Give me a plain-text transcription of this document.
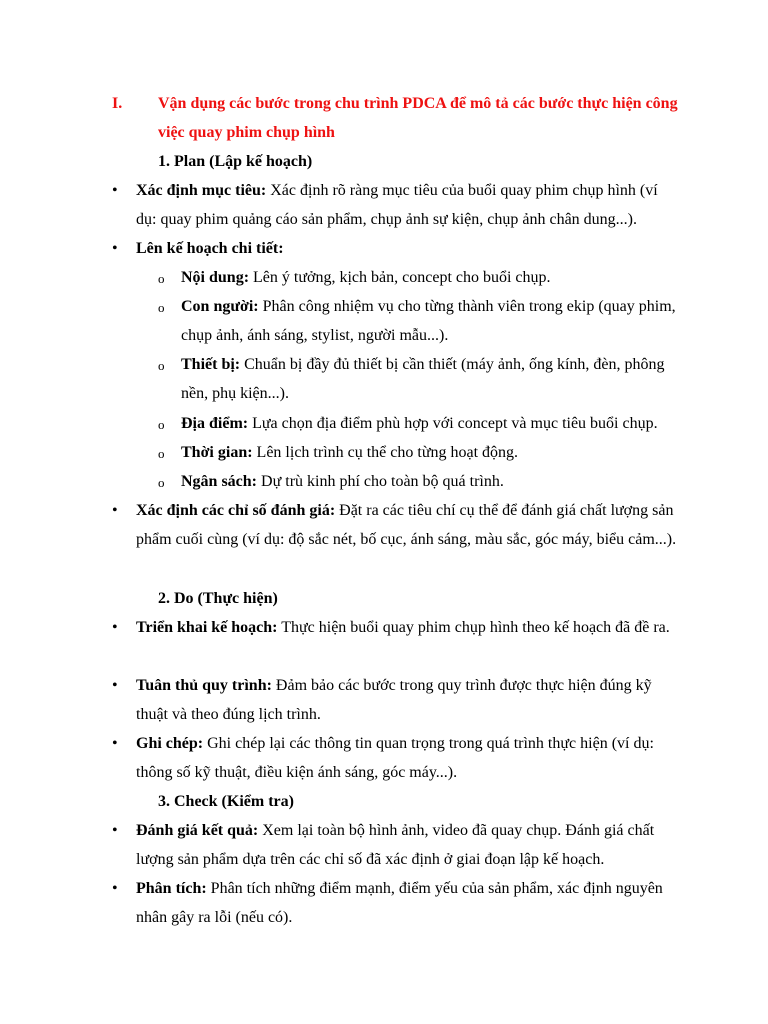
I. Vận dụng các bước trong chu trình PDCA để mô tả các bước thực hiện công việc quay phim chụp hình
1. Plan (Lập kế hoạch)
• Xác định mục tiêu: Xác định rõ ràng mục tiêu của buổi quay phim chụp hình (ví dụ: quay phim quảng cáo sản phẩm, chụp ảnh sự kiện, chụp ảnh chân dung...).
• Lên kế hoạch chi tiết:
o Nội dung: Lên ý tưởng, kịch bản, concept cho buổi chụp.
o Con người: Phân công nhiệm vụ cho từng thành viên trong ekip (quay phim, chụp ảnh, ánh sáng, stylist, người mẫu...).
o Thiết bị: Chuẩn bị đầy đủ thiết bị cần thiết (máy ảnh, ống kính, đèn, phông nền, phụ kiện...).
o Địa điểm: Lựa chọn địa điểm phù hợp với concept và mục tiêu buổi chụp.
o Thời gian: Lên lịch trình cụ thể cho từng hoạt động.
o Ngân sách: Dự trù kinh phí cho toàn bộ quá trình.
• Xác định các chỉ số đánh giá: Đặt ra các tiêu chí cụ thể để đánh giá chất lượng sản phẩm cuối cùng (ví dụ: độ sắc nét, bố cục, ánh sáng, màu sắc, góc máy, biểu cảm...).
2. Do (Thực hiện)
• Triển khai kế hoạch: Thực hiện buổi quay phim chụp hình theo kế hoạch đã đề ra.
• Tuân thủ quy trình: Đảm bảo các bước trong quy trình được thực hiện đúng kỹ thuật và theo đúng lịch trình.
• Ghi chép: Ghi chép lại các thông tin quan trọng trong quá trình thực hiện (ví dụ: thông số kỹ thuật, điều kiện ánh sáng, góc máy...).
3. Check (Kiểm tra)
• Đánh giá kết quả: Xem lại toàn bộ hình ảnh, video đã quay chụp. Đánh giá chất lượng sản phẩm dựa trên các chỉ số đã xác định ở giai đoạn lập kế hoạch.
• Phân tích: Phân tích những điểm mạnh, điểm yếu của sản phẩm, xác định nguyên nhân gây ra lỗi (nếu có).
